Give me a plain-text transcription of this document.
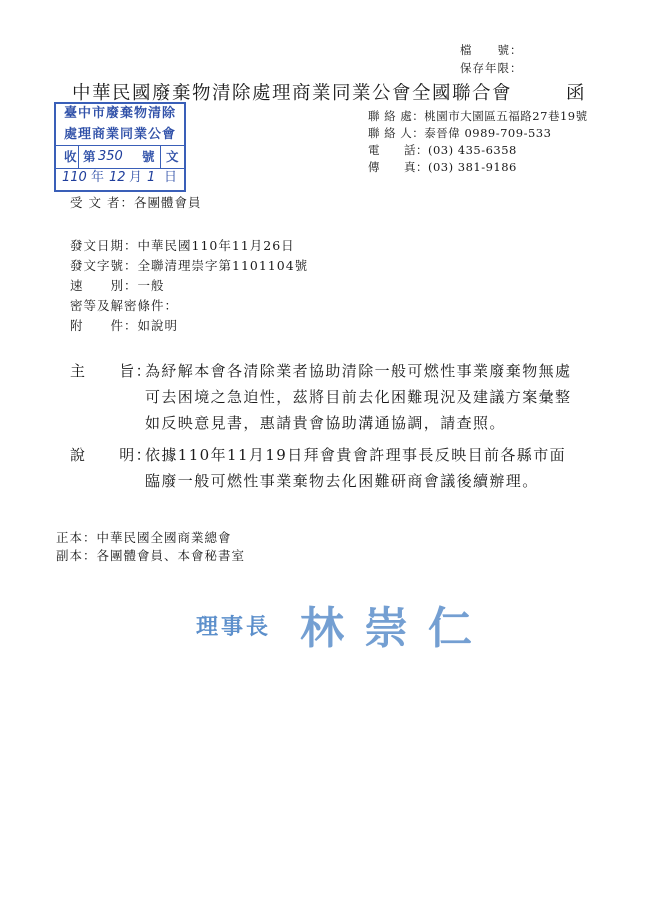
檔　　號：
保存年限：
中華民國廢棄物清除處理商業同業公會全國聯合會	函
聯 絡 處：桃園市大園區五福路27巷19號
聯 絡 人：泰晉偉 0989-709-533
電　　話：(03) 435-6358
傳　　真：(03) 381-9186
臺中市廢棄物清除
處理商業同業公會
收 第 350 號 文
110 年 12 月 1 日
受 文 者：各團體會員
發文日期：中華民國110年11月26日
發文字號：全聯清理崇字第1101104號
速　　別：一般
密等及解密條件：
附　　件：如說明
主　　旨：
為紓解本會各清除業者協助清除一般可燃性事業廢棄物無處
可去困境之急迫性，茲將目前去化困難現況及建議方案彙整
如反映意見書，惠請貴會協助溝通協調，請查照。
說　　明：
依據110年11月19日拜會貴會許理事長反映目前各縣市面
臨廢一般可燃性事業棄物去化困難研商會議後續辦理。
正本：中華民國全國商業總會
副本：各團體會員、本會秘書室
理事長 林崇仁
